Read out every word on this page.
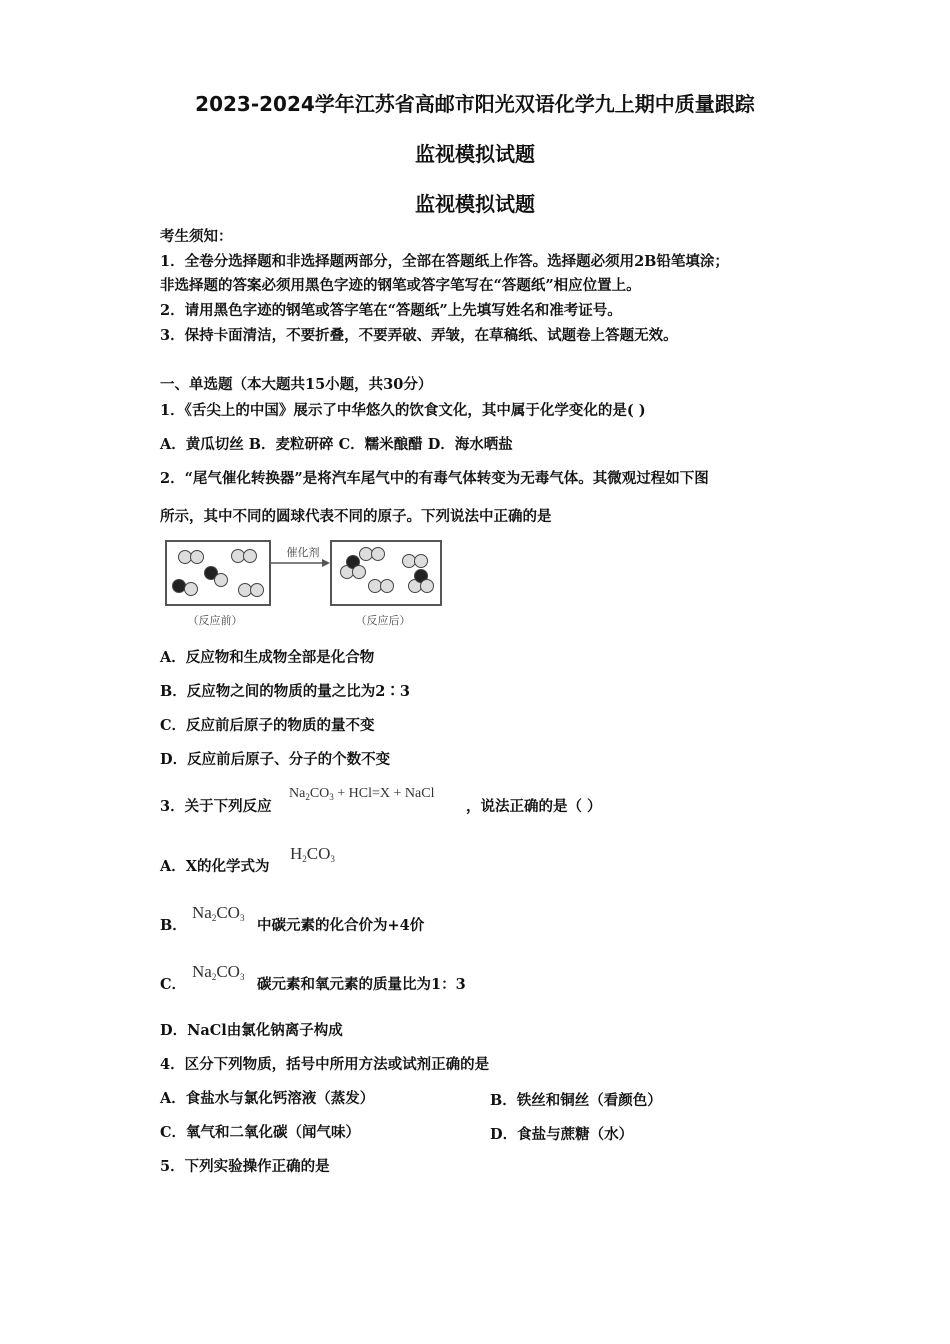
2023-2024学年江苏省高邮市阳光双语化学九上期中质量跟踪
监视模拟试题
监视模拟试题
考生须知：
1．全卷分选择题和非选择题两部分，全部在答题纸上作答。选择题必须用2B铅笔填涂；
非选择题的答案必须用黑色字迹的钢笔或答字笔写在“答题纸”相应位置上。
2．请用黑色字迹的钢笔或答字笔在“答题纸”上先填写姓名和准考证号。
3．保持卡面清洁，不要折叠，不要弄破、弄皱，在草稿纸、试题卷上答题无效。
一、单选题（本大题共15小题，共30分）
1．《舌尖上的中国》展示了中华悠久的饮食文化，其中属于化学变化的是( )
A．黄瓜切丝 B．麦粒研碎 C．糯米酿醋 D．海水晒盐
2．“尾气催化转换器”是将汽车尾气中的有毒气体转变为无毒气体。其微观过程如下图
所示，其中不同的圆球代表不同的原子。下列说法中正确的是
催化剂
（反应前）	（反应后）
A．反应物和生成物全部是化合物
B．反应物之间的物质的量之比为2∶3
C．反应前后原子的物质的量不变
D．反应前后原子、分子的个数不变
3．关于下列反应
$Na_2CO_3 + HCl=X$ + NaCl
，说法正确的是（ ）
A．X的化学式为
$H_2CO_3$
B．
$Na_2CO_3$ 中碳元素的化合价为+4价
C．
$Na_2CO_3$ 碳元素和氧元素的质量比为1：3
D．NaCl由氯化钠离子构成
4．区分下列物质，括号中所用方法或试剂正确的是
A．食盐水与氯化钙溶液（蒸发）	B．铁丝和铜丝（看颜色）
C．氧气和二氧化碳（闻气味）	D．食盐与蔗糖（水）
5．下列实验操作正确的是
